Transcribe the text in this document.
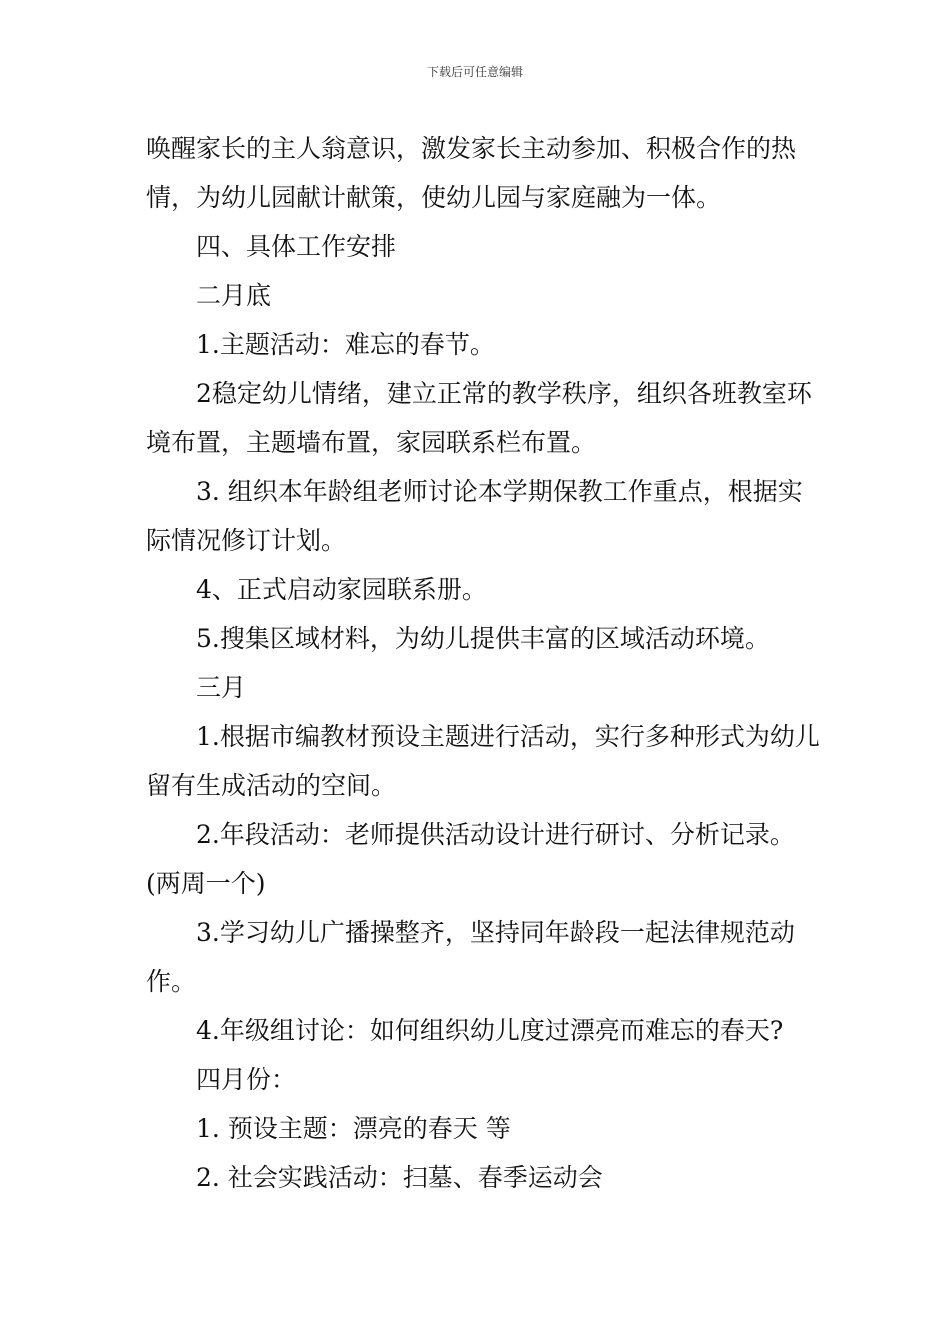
下载后可任意编辑

唤醒家长的主人翁意识，激发家长主动参加、积极合作的热情，为幼儿园献计献策，使幼儿园与家庭融为一体。

四、具体工作安排

二月底

1.主题活动：难忘的春节。

2稳定幼儿情绪，建立正常的教学秩序，组织各班教室环境布置，主题墙布置，家园联系栏布置。

3. 组织本年龄组老师讨论本学期保教工作重点，根据实际情况修订计划。

4、正式启动家园联系册。

5.搜集区域材料，为幼儿提供丰富的区域活动环境。

三月

1.根据市编教材预设主题进行活动，实行多种形式为幼儿留有生成活动的空间。

2.年段活动：老师提供活动设计进行研讨、分析记录。(两周一个)

3.学习幼儿广播操整齐，坚持同年龄段一起法律规范动作。

4.年级组讨论：如何组织幼儿度过漂亮而难忘的春天?

四月份：

1. 预设主题：漂亮的春天 等

2. 社会实践活动：扫墓、春季运动会
